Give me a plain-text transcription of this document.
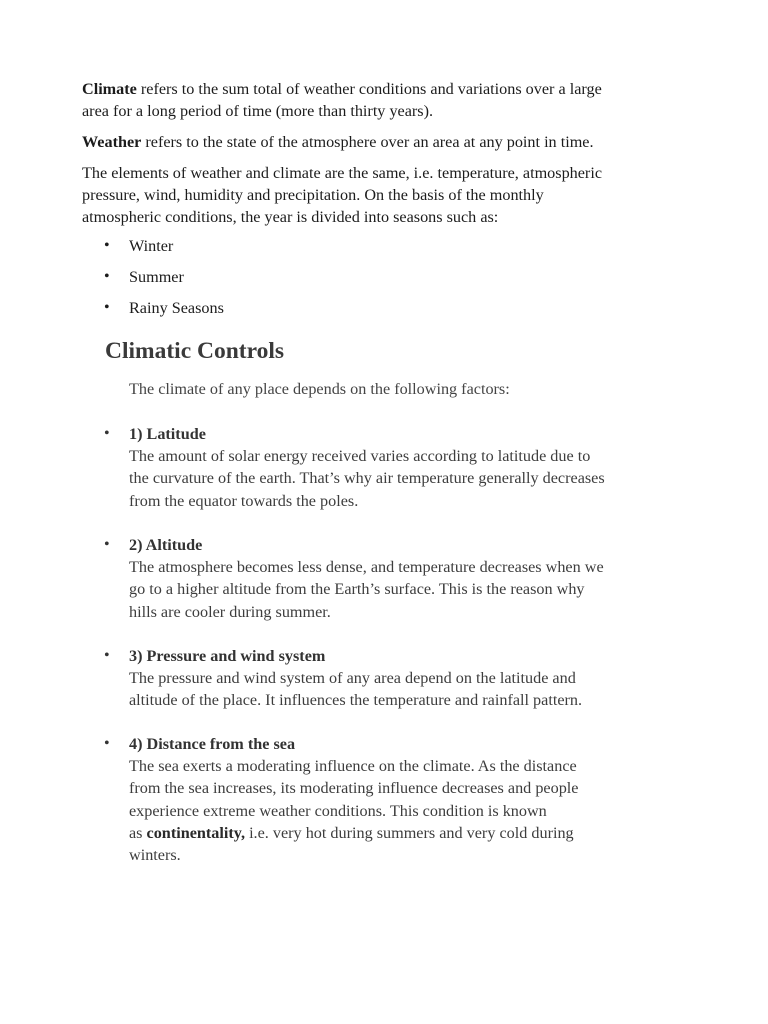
Climate refers to the sum total of weather conditions and variations over a large
area for a long period of time (more than thirty years).

Weather refers to the state of the atmosphere over an area at any point in time.

The elements of weather and climate are the same, i.e. temperature, atmospheric
pressure, wind, humidity and precipitation. On the basis of the monthly
atmospheric conditions, the year is divided into seasons such as:

• Winter
• Summer
• Rainy Seasons
Climatic Controls

The climate of any place depends on the following factors:

• 1) Latitude
The amount of solar energy received varies according to latitude due to
the curvature of the earth. That’s why air temperature generally decreases
from the equator towards the poles.
• 2) Altitude
The atmosphere becomes less dense, and temperature decreases when we
go to a higher altitude from the Earth’s surface. This is the reason why
hills are cooler during summer.
• 3) Pressure and wind system
The pressure and wind system of any area depend on the latitude and
altitude of the place. It influences the temperature and rainfall pattern.
• 4) Distance from the sea
The sea exerts a moderating influence on the climate. As the distance
from the sea increases, its moderating influence decreases and people
experience extreme weather conditions. This condition is known
as continentality, i.e. very hot during summers and very cold during
winters.
